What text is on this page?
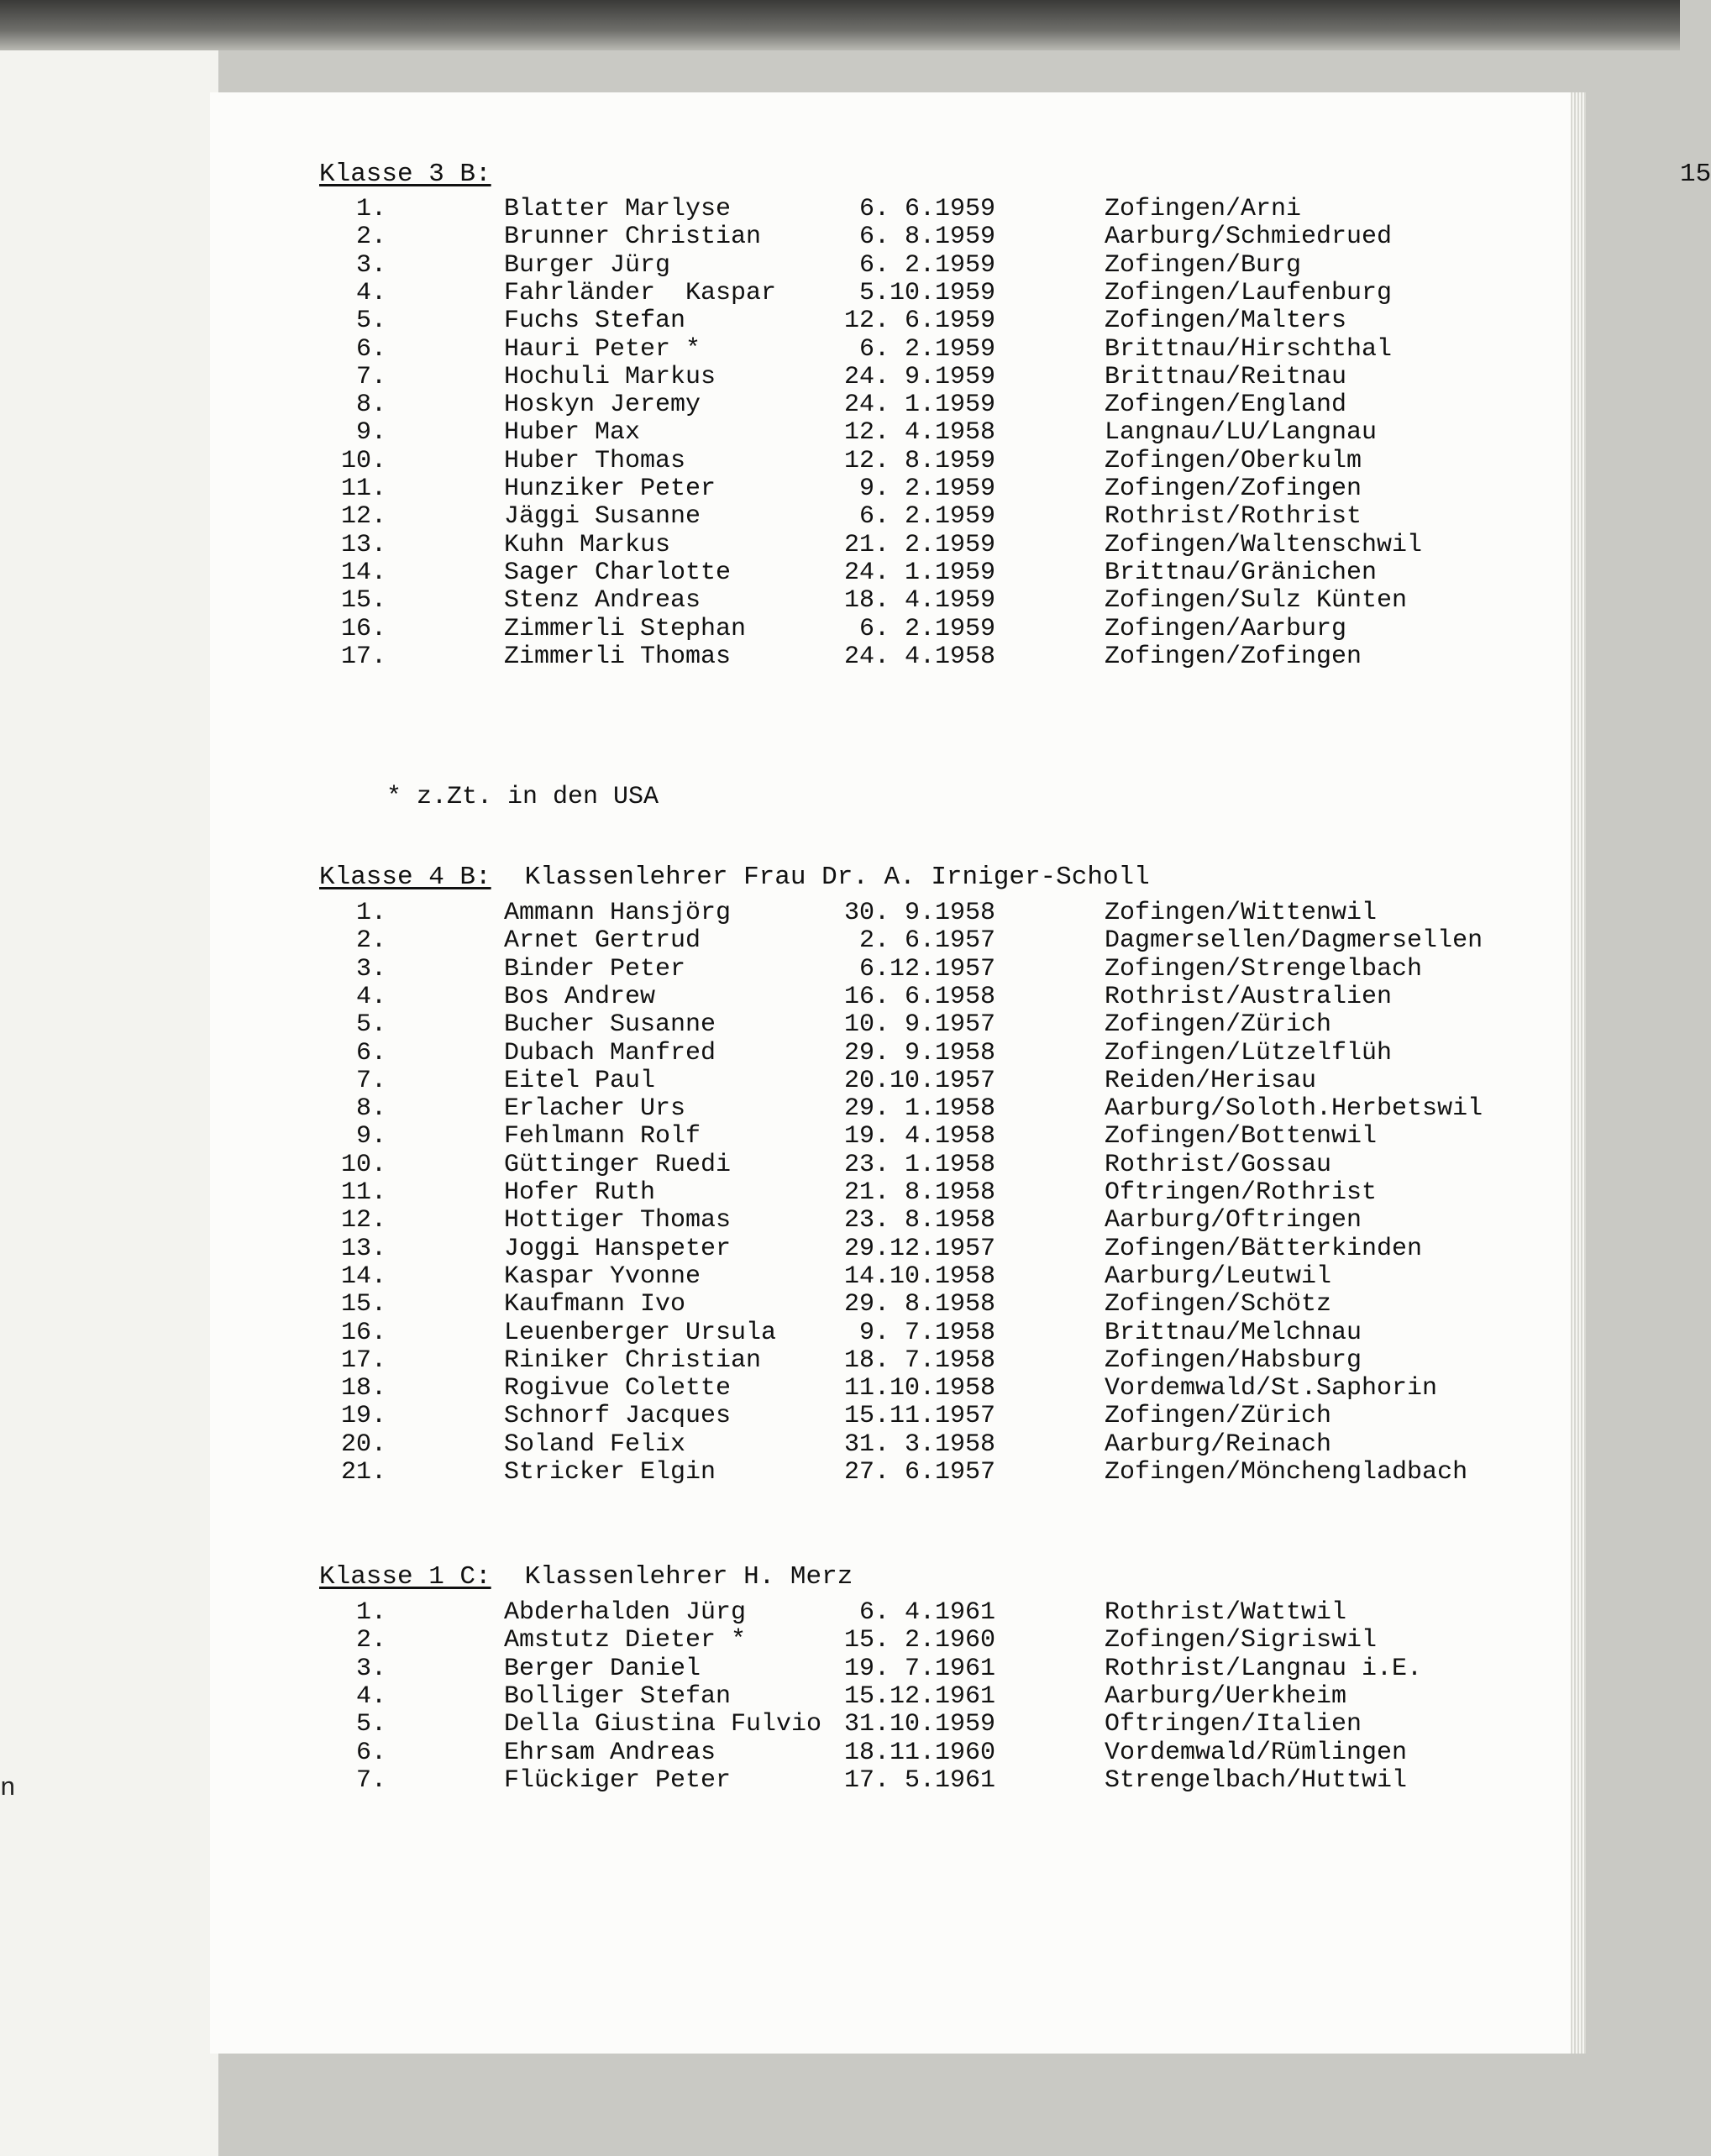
n
15
Klasse 3 B:
1.	Blatter Marlyse	6. 6.1959	Zofingen/Arni
2.	Brunner Christian	6. 8.1959	Aarburg/Schmiedrued
3.	Burger Jürg	6. 2.1959	Zofingen/Burg
4.	Fahrländer  Kaspar	5.10.1959	Zofingen/Laufenburg
5.	Fuchs Stefan	12. 6.1959	Zofingen/Malters
6.	Hauri Peter *	6. 2.1959	Brittnau/Hirschthal
7.	Hochuli Markus	24. 9.1959	Brittnau/Reitnau
8.	Hoskyn Jeremy	24. 1.1959	Zofingen/England
9.	Huber Max	12. 4.1958	Langnau/LU/Langnau
10.	Huber Thomas	12. 8.1959	Zofingen/Oberkulm
11.	Hunziker Peter	9. 2.1959	Zofingen/Zofingen
12.	Jäggi Susanne	6. 2.1959	Rothrist/Rothrist
13.	Kuhn Markus	21. 2.1959	Zofingen/Waltenschwil
14.	Sager Charlotte	24. 1.1959	Brittnau/Gränichen
15.	Stenz Andreas	18. 4.1959	Zofingen/Sulz Künten
16.	Zimmerli Stephan	6. 2.1959	Zofingen/Aarburg
17.	Zimmerli Thomas	24. 4.1958	Zofingen/Zofingen
* z.Zt. in den USA
Klasse 4 B: Klassenlehrer Frau Dr. A. Irniger-Scholl
1.	Ammann Hansjörg	30. 9.1958	Zofingen/Wittenwil
2.	Arnet Gertrud	2. 6.1957	Dagmersellen/Dagmersellen
3.	Binder Peter	6.12.1957	Zofingen/Strengelbach
4.	Bos Andrew	16. 6.1958	Rothrist/Australien
5.	Bucher Susanne	10. 9.1957	Zofingen/Zürich
6.	Dubach Manfred	29. 9.1958	Zofingen/Lützelflüh
7.	Eitel Paul	20.10.1957	Reiden/Herisau
8.	Erlacher Urs	29. 1.1958	Aarburg/Soloth.Herbetswil
9.	Fehlmann Rolf	19. 4.1958	Zofingen/Bottenwil
10.	Güttinger Ruedi	23. 1.1958	Rothrist/Gossau
11.	Hofer Ruth	21. 8.1958	Oftringen/Rothrist
12.	Hottiger Thomas	23. 8.1958	Aarburg/Oftringen
13.	Joggi Hanspeter	29.12.1957	Zofingen/Bätterkinden
14.	Kaspar Yvonne	14.10.1958	Aarburg/Leutwil
15.	Kaufmann Ivo	29. 8.1958	Zofingen/Schötz
16.	Leuenberger Ursula	9. 7.1958	Brittnau/Melchnau
17.	Riniker Christian	18. 7.1958	Zofingen/Habsburg
18.	Rogivue Colette	11.10.1958	Vordemwald/St.Saphorin
19.	Schnorf Jacques	15.11.1957	Zofingen/Zürich
20.	Soland Felix	31. 3.1958	Aarburg/Reinach
21.	Stricker Elgin	27. 6.1957	Zofingen/Mönchengladbach
Klasse 1 C: Klassenlehrer H. Merz
1.	Abderhalden Jürg	6. 4.1961	Rothrist/Wattwil
2.	Amstutz Dieter *	15. 2.1960	Zofingen/Sigriswil
3.	Berger Daniel	19. 7.1961	Rothrist/Langnau i.E.
4.	Bolliger Stefan	15.12.1961	Aarburg/Uerkheim
5.	Della Giustina Fulvio 31.10.1959	Oftringen/Italien
6.	Ehrsam Andreas	18.11.1960	Vordemwald/Rümlingen
7.	Flückiger Peter	17. 5.1961	Strengelbach/Huttwil
